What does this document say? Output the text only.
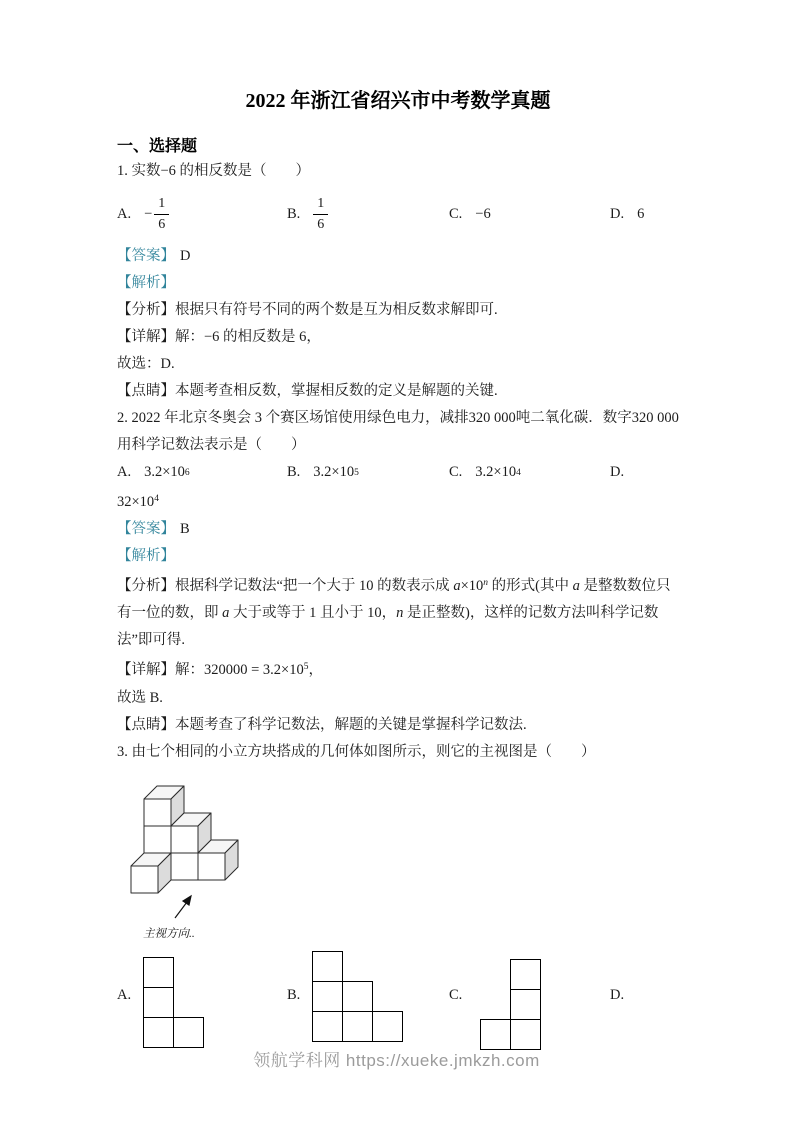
2022 年浙江省绍兴市中考数学真题
一、选择题

1. 实数−6 的相反数是（　　）

A. − $\frac{1}{6}$	B. $\frac{1}{6}$	C. −6	D. 6

【答案】 D

【解析】

【分析】根据只有符号不同的两个数是互为相反数求解即可.

【详解】解：−6 的相反数是 6，

故选：D.

【点睛】本题考查相反数，掌握相反数的定义是解题的关键.

2. 2022 年北京冬奥会 3 个赛区场馆使用绿色电力，减排320 000吨二氧化碳．数字320 000用科学记数法表示是（　　）

A. 3.2×10 6	B. 3.2×10 5	C. 3.2×10 4	D.

$32\times 10^4$

【答案】 B

【解析】

【分析】根据科学记数法“把一个大于 10 的数表示成 $a\times 10^n$ 的形式(其中 a 是整数数位只有一位的数，即 a 大于或等于 1 且小于 10，n 是正整数)，这样的记数方法叫科学记数法”即可得.

【详解】解：$320000 = 3.2\times 10^5$，

故选 B.

【点睛】本题考查了科学记数法，解题的关键是掌握科学记数法.

3. 由七个相同的小立方块搭成的几何体如图所示，则它的主视图是（　　）

主视方向..
A.	B.	C.	D.
领航学科网 https://xueke.jmkzh.com
